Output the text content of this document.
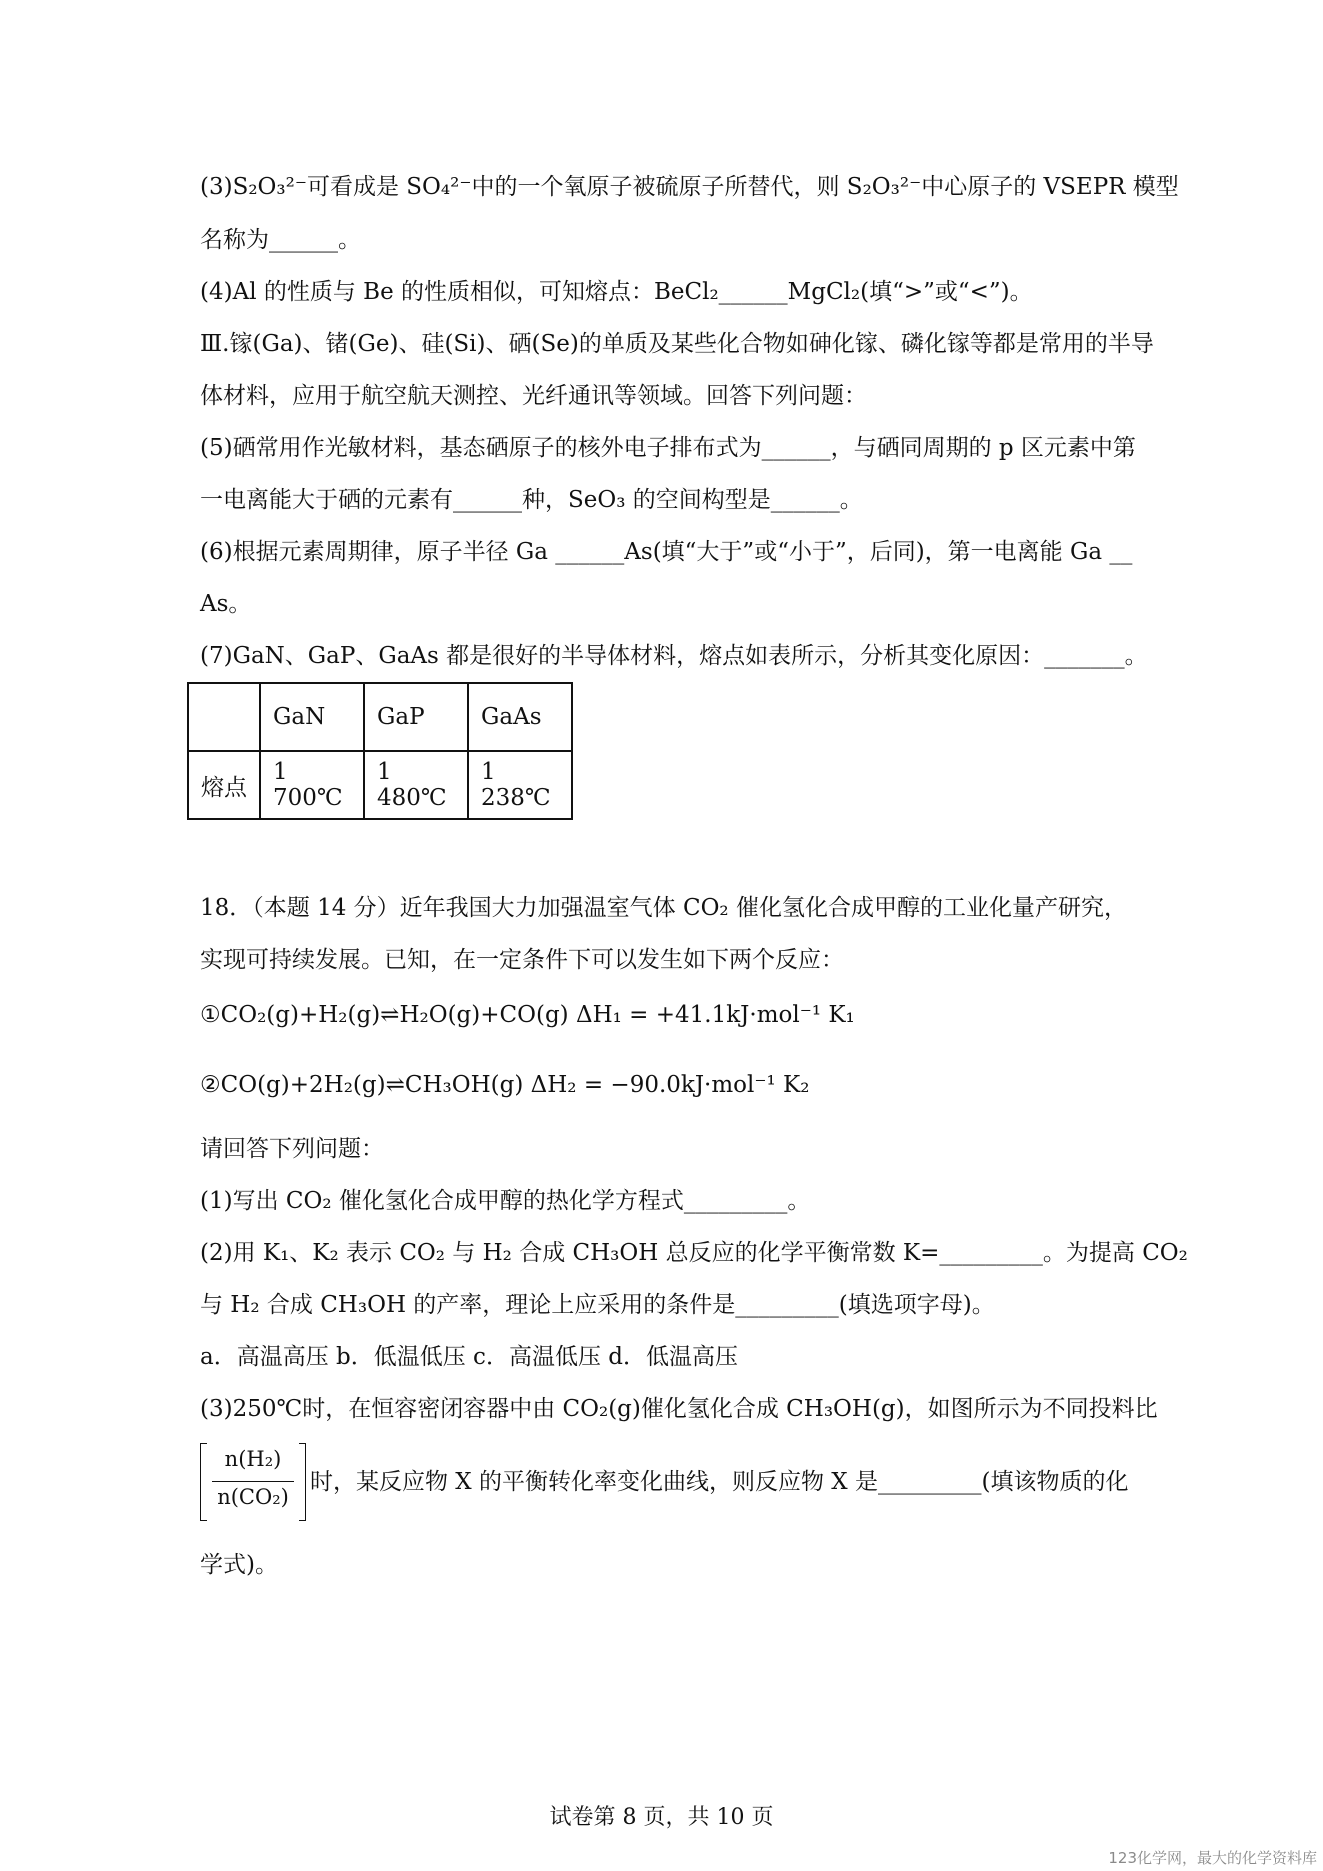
(3)S₂O₃²⁻可看成是 SO₄²⁻中的一个氧原子被硫原子所替代，则 S₂O₃²⁻中心原子的 VSEPR 模型
名称为______。
(4)Al 的性质与 Be 的性质相似，可知熔点：BeCl₂______MgCl₂(填“>”或“<”)。
Ⅲ.镓(Ga)、锗(Ge)、硅(Si)、硒(Se)的单质及某些化合物如砷化镓、磷化镓等都是常用的半导
体材料，应用于航空航天测控、光纤通讯等领域。回答下列问题：
(5)硒常用作光敏材料，基态硒原子的核外电子排布式为______，与硒同周期的 p 区元素中第
一电离能大于硒的元素有______种，SeO₃ 的空间构型是______。
(6)根据元素周期律，原子半径 Ga ______As(填“大于”或“小于”，后同)，第一电离能 Ga __
As。
(7)GaN、GaP、GaAs 都是很好的半导体材料，熔点如表所示，分析其变化原因：_______。
	GaN	GaP	GaAs
熔点	1 700℃	1 480℃	1 238℃
18．（本题 14 分）近年我国大力加强温室气体 CO₂ 催化氢化合成甲醇的工业化量产研究，
实现可持续发展。已知，在一定条件下可以发生如下两个反应：
①CO₂(g)+H₂(g)⇌H₂O(g)+CO(g) ΔH₁ = +41.1kJ·mol⁻¹ K₁
②CO(g)+2H₂(g)⇌CH₃OH(g) ΔH₂ = −90.0kJ·mol⁻¹ K₂
请回答下列问题：
(1)写出 CO₂ 催化氢化合成甲醇的热化学方程式_________。
(2)用 K₁、K₂ 表示 CO₂ 与 H₂ 合成 CH₃OH 总反应的化学平衡常数 K=_________。为提高 CO₂
与 H₂ 合成 CH₃OH 的产率，理论上应采用的条件是_________(填选项字母)。
a．高温高压 b．低温低压 c．高温低压 d．低温高压
(3)250℃时，在恒容密闭容器中由 CO₂(g)催化氢化合成 CH₃OH(g)，如图所示为不同投料比
n(H₂)
n(CO₂)
时，某反应物 X 的平衡转化率变化曲线，则反应物 X 是_________(填该物质的化
学式)。
试卷第 8 页，共 10 页
123化学网，最大的化学资料库
